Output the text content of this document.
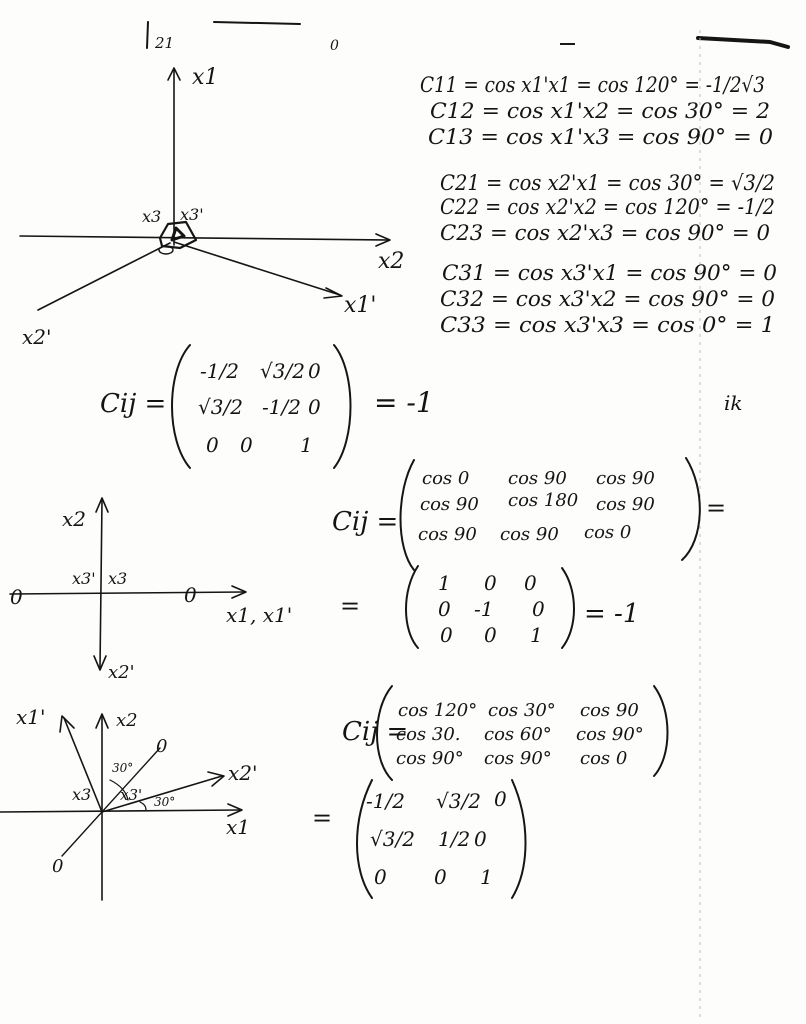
21	0
x1
x2
x3 x3'
x1'
x2'
C11 = cos x1'x1 = cos 120° = -1/2√3
C12 = cos x1'x2 = cos 30° = 2
C13 = cos x1'x3 = cos 90° = 0
C21 = cos x2'x1 = cos 30° = √3/2
C22 = cos x2'x2 = cos 120° = -1/2
C23 = cos x2'x3 = cos 90° = 0
C31 = cos x3'x1 = cos 90° = 0
C32 = cos x3'x2 = cos 90° = 0
C33 = cos x3'x3 = cos 0° = 1
Cij =
-1/2 √3/2 0
√3/2 -1/2 0
0 0 1
= -1	ik
x2
x3' x3
x1, x1'
x2'
0	0
Cij =
cos 0 cos 90 cos 90
cos 90 cos 180 cos 90
cos 90 cos 90 cos 0
=
=
1 0 0
0 -1 0
0 0 1
= -1
x1'	x2
x3 x3'
x2'
x1
30°
30°
0
0
Cij =
cos 120° cos 30° cos 90
cos 30. cos 60° cos 90°
cos 90° cos 90° cos 0
=
-1/2 √3/2 0
√3/2 1/2 0
0 0 1
